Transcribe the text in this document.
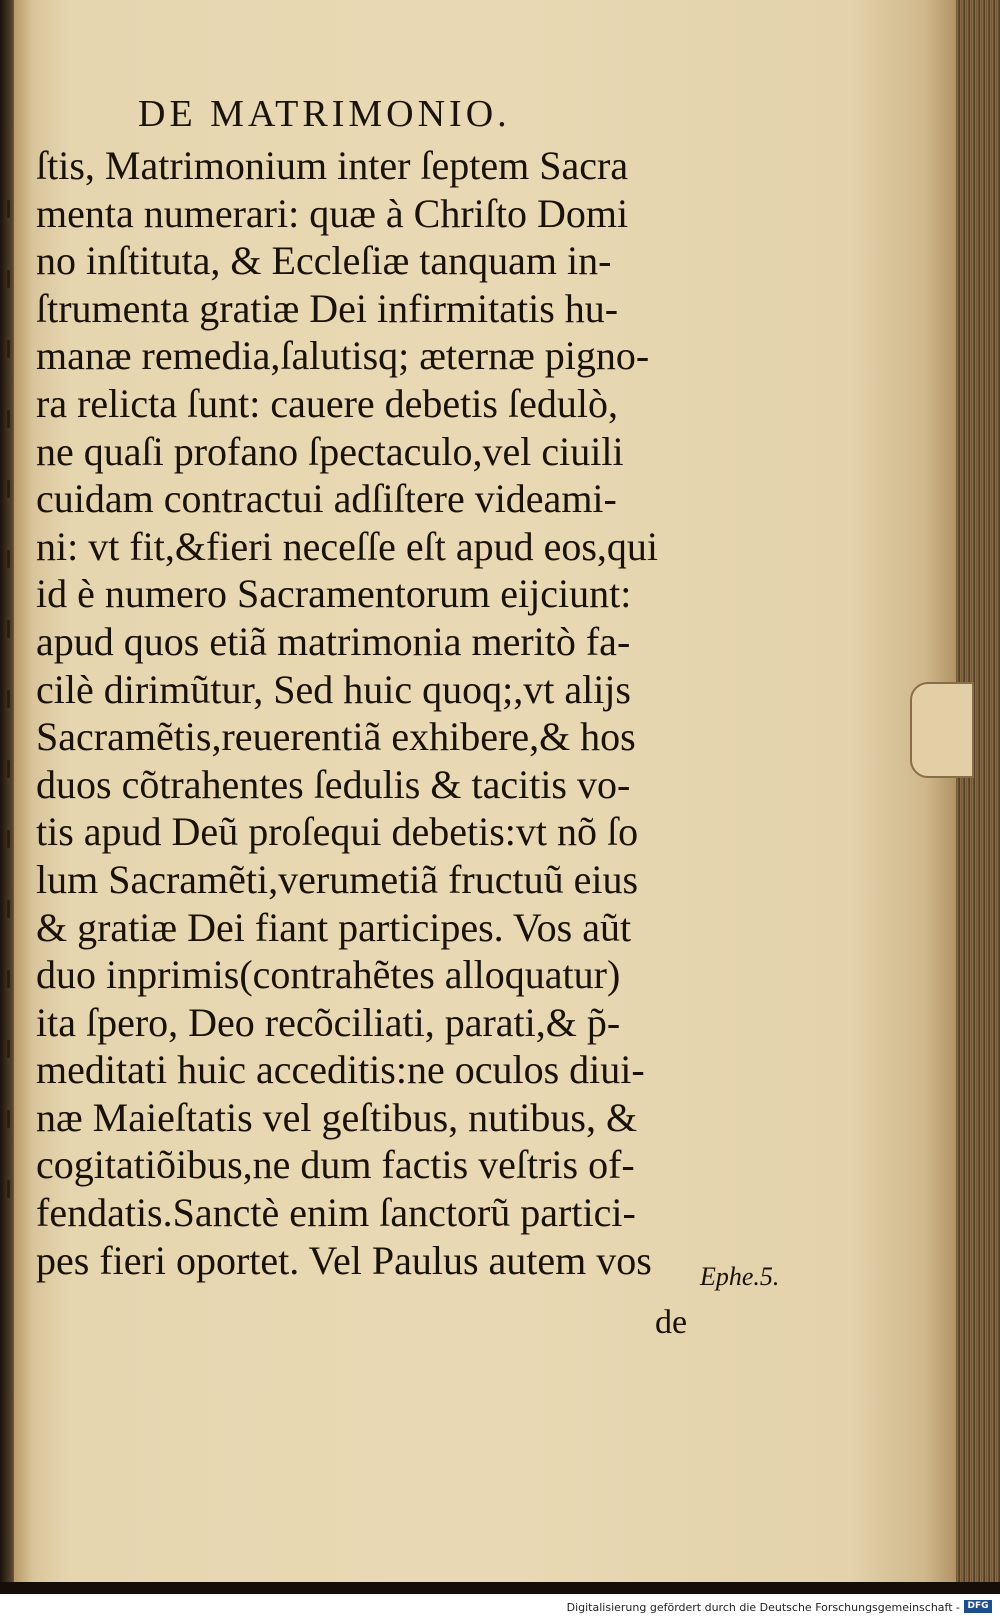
DE MATRIMONIO.
ſtis, Matrimonium inter ſeptem Sacra
menta numerari: quæ à Chriſto Domi
no inſtituta, & Eccleſiæ tanquam in-
ſtrumenta gratiæ Dei infirmitatis hu-
manæ remedia,ſalutisq; æternæ pigno-
ra relicta ſunt: cauere debetis ſedulò,
ne quaſi profano ſpectaculo,vel ciuili
cuidam contractui adſiſtere videami-
ni: vt fit,&fieri neceſſe eſt apud eos,qui
id è numero Sacramentorum eijciunt:
apud quos etiã matrimonia meritò fa-
cilè dirimũtur, Sed huic quoq;,vt alijs
Sacramẽtis,reuerentiã exhibere,& hos
duos cõtrahentes ſedulis & tacitis vo-
tis apud Deũ proſequi debetis:vt nõ ſo
lum Sacramẽti,verumetiã fructuũ eius
& gratiæ Dei fiant participes. Vos aũt
duo inprimis(contrahẽtes alloquatur)
ita ſpero, Deo recõciliati, parati,& p̃-
meditati huic acceditis:ne oculos diui-
næ Maieſtatis vel geſtibus, nutibus, &
cogitatiõibus,ne dum factis veſtris of-
fendatis.Sanctè enim ſanctorũ partici-
pes fieri oportet. Vel Paulus autem vos	Ephe.5.
de
Digitalisierung gefördert durch die Deutsche Forschungsgemeinschaft - DFG
